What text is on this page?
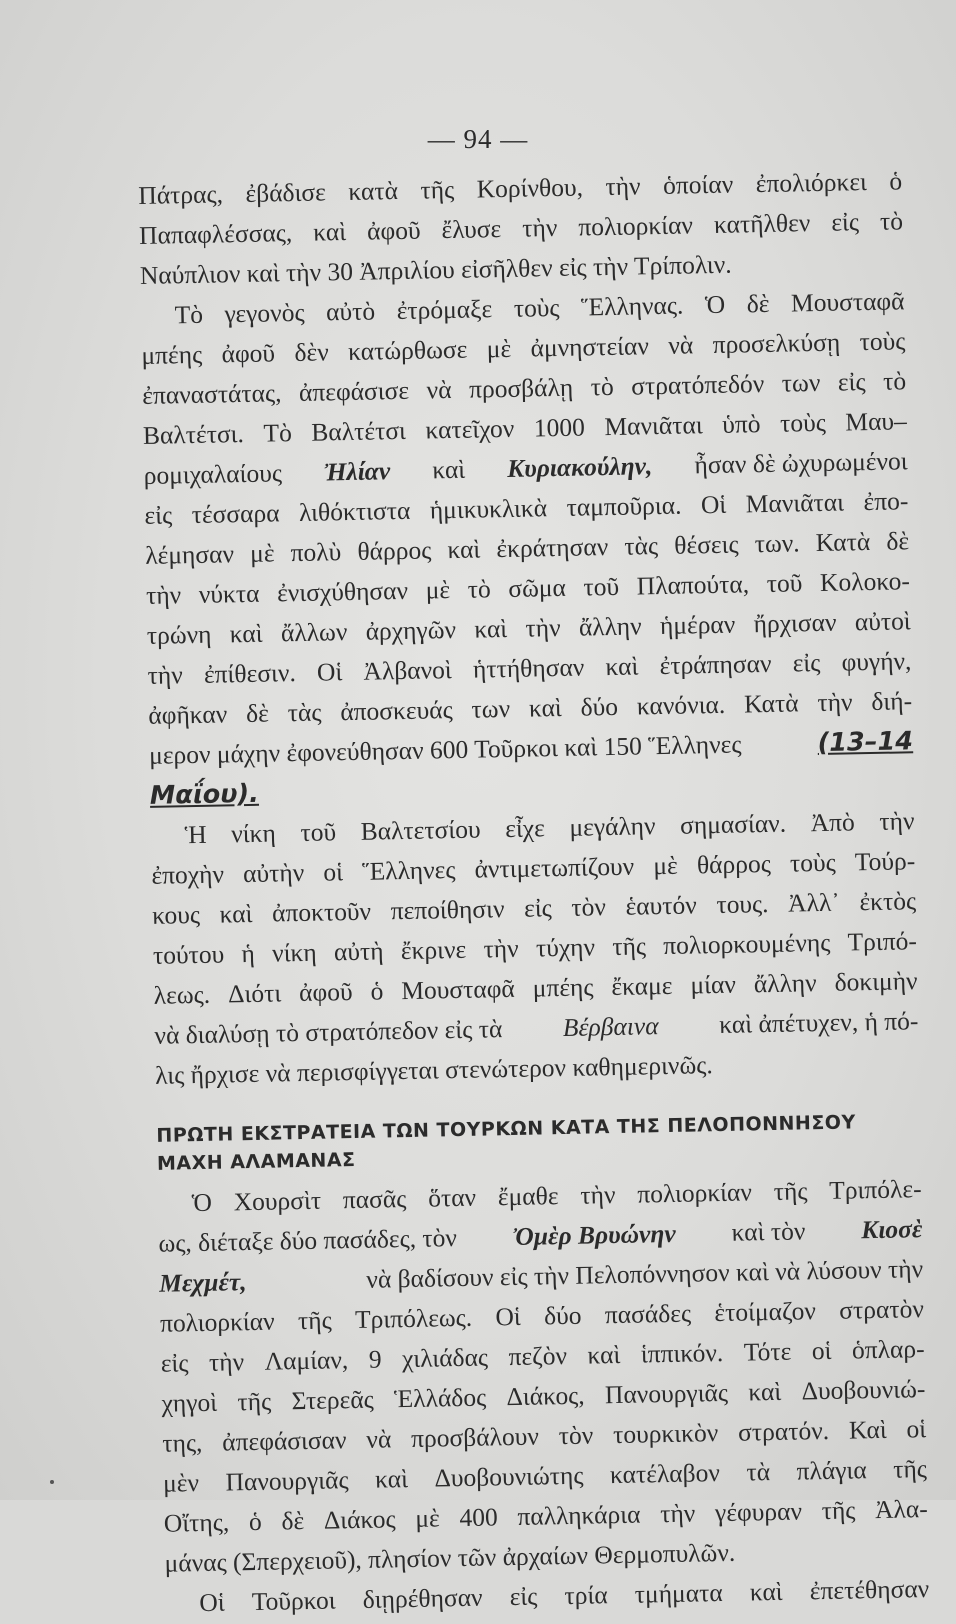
— 94 —
Πάτρας, ἐβάδισε κατὰ τῆς Κορίνθου, τὴν ὁποίαν ἐπολιόρκει ὁ
Παπαφλέσσας, καὶ ἀφοῦ ἔλυσε τὴν πολιορκίαν κατῆλθεν εἰς τὸ
Ναύπλιον καὶ τὴν 30 Ἀπριλίου εἰσῆλθεν εἰς τὴν Τρίπολιν.
Τὸ γεγονὸς αὐτὸ ἐτρόμαξε τοὺς Ἕλληνας. Ὁ δὲ Μουσταφᾶ
μπέης ἀφοῦ δὲν κατώρθωσε μὲ ἀμνηστείαν νὰ προσελκύσῃ τοὺς
ἐπαναστάτας, ἀπεφάσισε νὰ προσβάλῃ τὸ στρατόπεδόν των εἰς τὸ
Βαλτέτσι. Τὸ Βαλτέτσι κατεῖχον 1000 Μανιᾶται ὑπὸ τοὺς Μαυ–
ρομιχαλαίους Ἠλίαν καὶ Κυριακούλην, ἦσαν δὲ ὠχυρωμένοι
εἰς τέσσαρα λιθόκτιστα ἡμικυκλικὰ ταμποῦρια. Οἱ Μανιᾶται ἐπο-
λέμησαν μὲ πολὺ θάρρος καὶ ἐκράτησαν τὰς θέσεις των. Κατὰ δὲ
τὴν νύκτα ἐνισχύθησαν μὲ τὸ σῶμα τοῦ Πλαπούτα, τοῦ Κολοκο-
τρώνη καὶ ἄλλων ἀρχηγῶν καὶ τὴν ἄλλην ἡμέραν ἤρχισαν αὐτοὶ
τὴν ἐπίθεσιν. Οἱ Ἀλβανοὶ ἡττήθησαν καὶ ἐτράπησαν εἰς φυγήν,
ἀφῆκαν δὲ τὰς ἀποσκευάς των καὶ δύο κανόνια. Κατὰ τὴν διή-
μερον μάχην ἐφονεύθησαν 600 Τοῦρκοι καὶ 150 Ἕλληνες	(13–14
Μαΐου).
Ἡ νίκη τοῦ Βαλτετσίου εἶχε μεγάλην σημασίαν. Ἀπὸ τὴν
ἐποχὴν αὐτὴν οἱ Ἕλληνες ἀντιμετωπίζουν μὲ θάρρος τοὺς Τούρ-
κους καὶ ἀποκτοῦν πεποίθησιν εἰς τὸν ἑαυτόν τους. Ἀλλ᾿ ἐκτὸς
τούτου ἡ νίκη αὐτὴ ἔκρινε τὴν τύχην τῆς πολιορκουμένης Τριπό-
λεως. Διότι ἀφοῦ ὁ Μουσταφᾶ μπέης ἔκαμε μίαν ἄλλην δοκιμὴν
νὰ διαλύσῃ τὸ στρατόπεδον εἰς τὰ Βέρβαινα καὶ ἀπέτυχεν, ἡ πό-
λις ἤρχισε νὰ περισφίγγεται στενώτερον καθημερινῶς.
ΠΡΩΤΗ ΕΚΣΤΡΑΤΕΙΑ ΤΩΝ ΤΟΥΡΚΩΝ ΚΑΤΑ ΤΗΣ ΠΕΛΟΠΟΝΝΗΣΟΥ
ΜΑΧΗ ΑΛΑΜΑΝΑΣ
Ὁ Χουρσὶτ πασᾶς ὅταν ἔμαθε τὴν πολιορκίαν τῆς Τριπόλε-
ως, διέταξε δύο πασάδες, τὸν Ὀμὲρ Βρυώνην καὶ τὸν Κιοσὲ
Μεχμέτ,	νὰ βαδίσουν εἰς τὴν Πελοπόννησον καὶ νὰ λύσουν τὴν
πολιορκίαν τῆς Τριπόλεως. Οἱ δύο πασάδες ἑτοίμαζον στρατὸν
εἰς τὴν Λαμίαν, 9 χιλιάδας πεζὸν καὶ ἱππικόν. Τότε οἱ ὁπλαρ-
χηγοὶ τῆς Στερεᾶς Ἑλλάδος Διάκος, Πανουργιᾶς καὶ Δυοβουνιώ-
της, ἀπεφάσισαν νὰ προσβάλουν τὸν τουρκικὸν στρατόν. Καὶ οἱ
μὲν Πανουργιᾶς καὶ Δυοβουνιώτης κατέλαβον τὰ πλάγια τῆς
Οἴτης, ὁ δὲ Διάκος μὲ 400 παλληκάρια τὴν γέφυραν τῆς Ἀλα-
μάνας (Σπερχειοῦ), πλησίον τῶν ἀρχαίων Θερμοπυλῶν.
Οἱ Τοῦρκοι διῃρέθησαν εἰς τρία τμήματα καὶ ἐπετέθησαν
